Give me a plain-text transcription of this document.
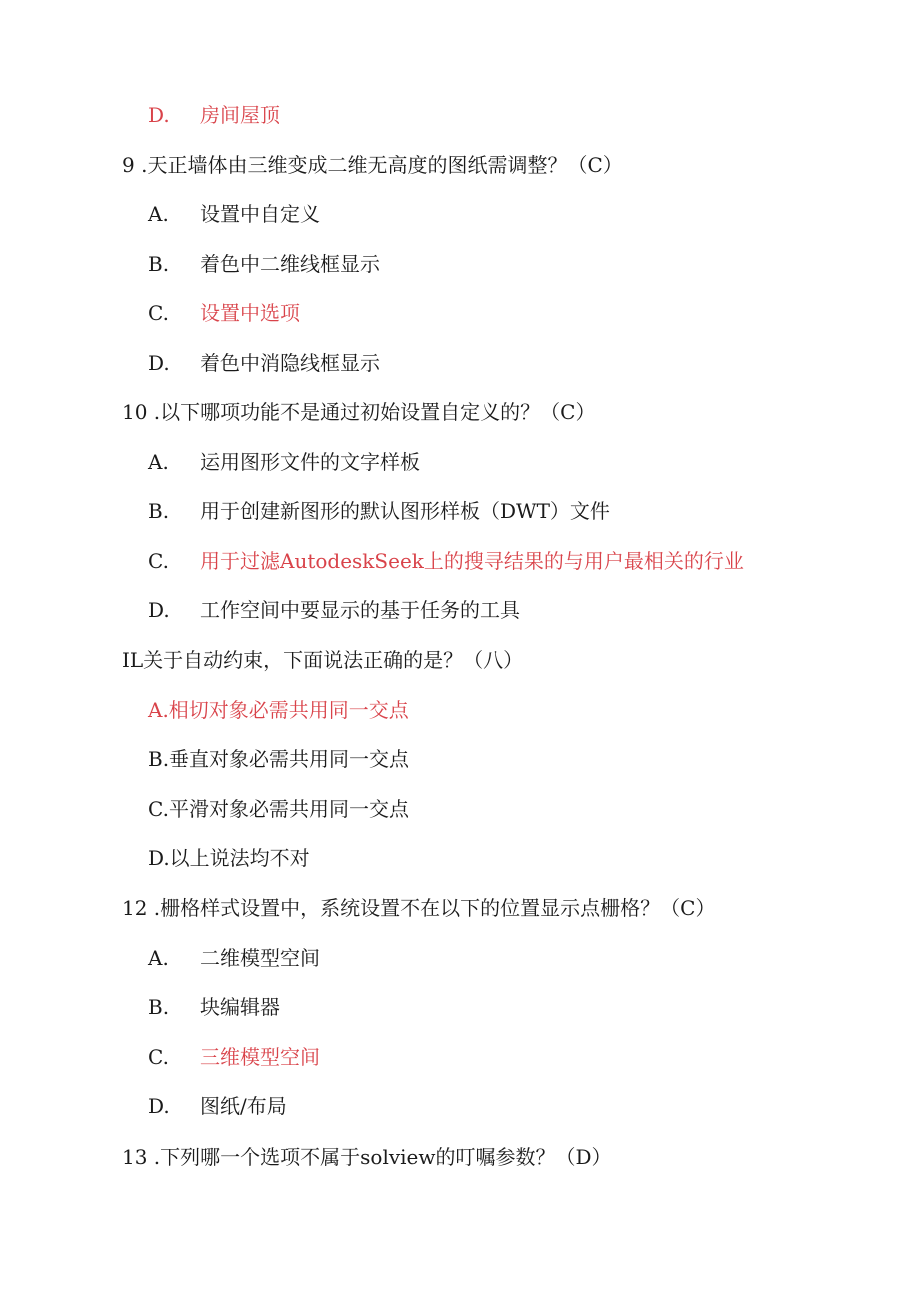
D. 房间屋顶
9 .天正墙体由三维变成二维无高度的图纸需调整？（C）
A. 设置中自定义
B. 着色中二维线框显示
C. 设置中选项
D. 着色中消隐线框显示
10 .以下哪项功能不是通过初始设置自定义的？（C）
A. 运用图形文件的文字样板
B. 用于创建新图形的默认图形样板（DWT）文件
C. 用于过滤AutodeskSeek上的搜寻结果的与用户最相关的行业
D. 工作空间中要显示的基于任务的工具
IL关于自动约束，下面说法正确的是？（八）
A.相切对象必需共用同一交点
B.垂直对象必需共用同一交点
C.平滑对象必需共用同一交点
D.以上说法均不对
12 .栅格样式设置中，系统设置不在以下的位置显示点栅格？（C）
A. 二维模型空间
B. 块编辑器
C. 三维模型空间
D. 图纸/布局
13 .下列哪一个选项不属于solview的叮嘱参数？（D）
